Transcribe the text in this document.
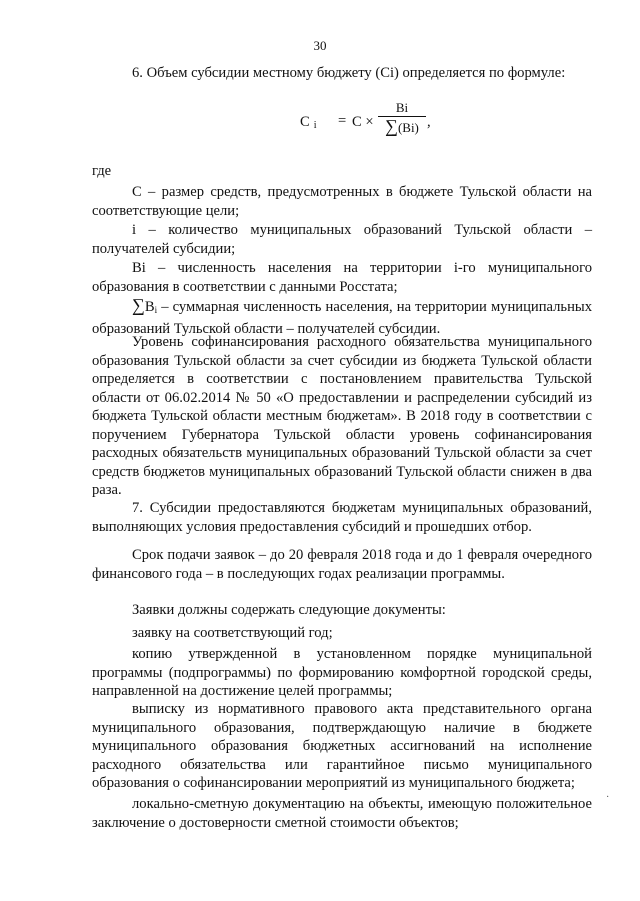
30

6. Объем субсидии местному бюджету (Ci) определяется по формуле:

C $_i = C \times \frac{Bi}{\sum(Bi)}$ ,

где

С – размер средств, предусмотренных в бюджете Тульской области на соответствующие цели;

i – количество муниципальных образований Тульской области – получателей субсидии;

Bi – численность населения на территории i-го муниципального образования в соответствии с данными Росстата;

∑Bi – суммарная численность населения, на территории муниципальных образований Тульской области – получателей субсидии.

Уровень софинансирования расходного обязательства муниципального образования Тульской области за счет субсидии из бюджета Тульской области определяется в соответствии с постановлением правительства Тульской области от 06.02.2014 № 50 «О предоставлении и распределении субсидий из бюджета Тульской области местным бюджетам». В 2018 году в соответствии с поручением Губернатора Тульской области уровень софинансирования расходных обязательств муниципальных образований Тульской области за счет средств бюджетов муниципальных образований Тульской области снижен в два раза.

7. Субсидии предоставляются бюджетам муниципальных образований, выполняющих условия предоставления субсидий и прошедших отбор.

Срок подачи заявок – до 20 февраля 2018 года и до 1 февраля очередного финансового года – в последующих годах реализации программы.

Заявки должны содержать следующие документы:

заявку на соответствующий год;

копию утвержденной в установленном порядке муниципальной программы (подпрограммы) по формированию комфортной городской среды, направленной на достижение целей программы;

выписку из нормативного правового акта представительного органа муниципального образования, подтверждающую наличие в бюджете муниципального образования бюджетных ассигнований на исполнение расходного обязательства или гарантийное письмо муниципального образования о софинансировании мероприятий из муниципального бюджета;

локально-сметную документацию на объекты, имеющую положительное заключение о достоверности сметной стоимости объектов;

·
